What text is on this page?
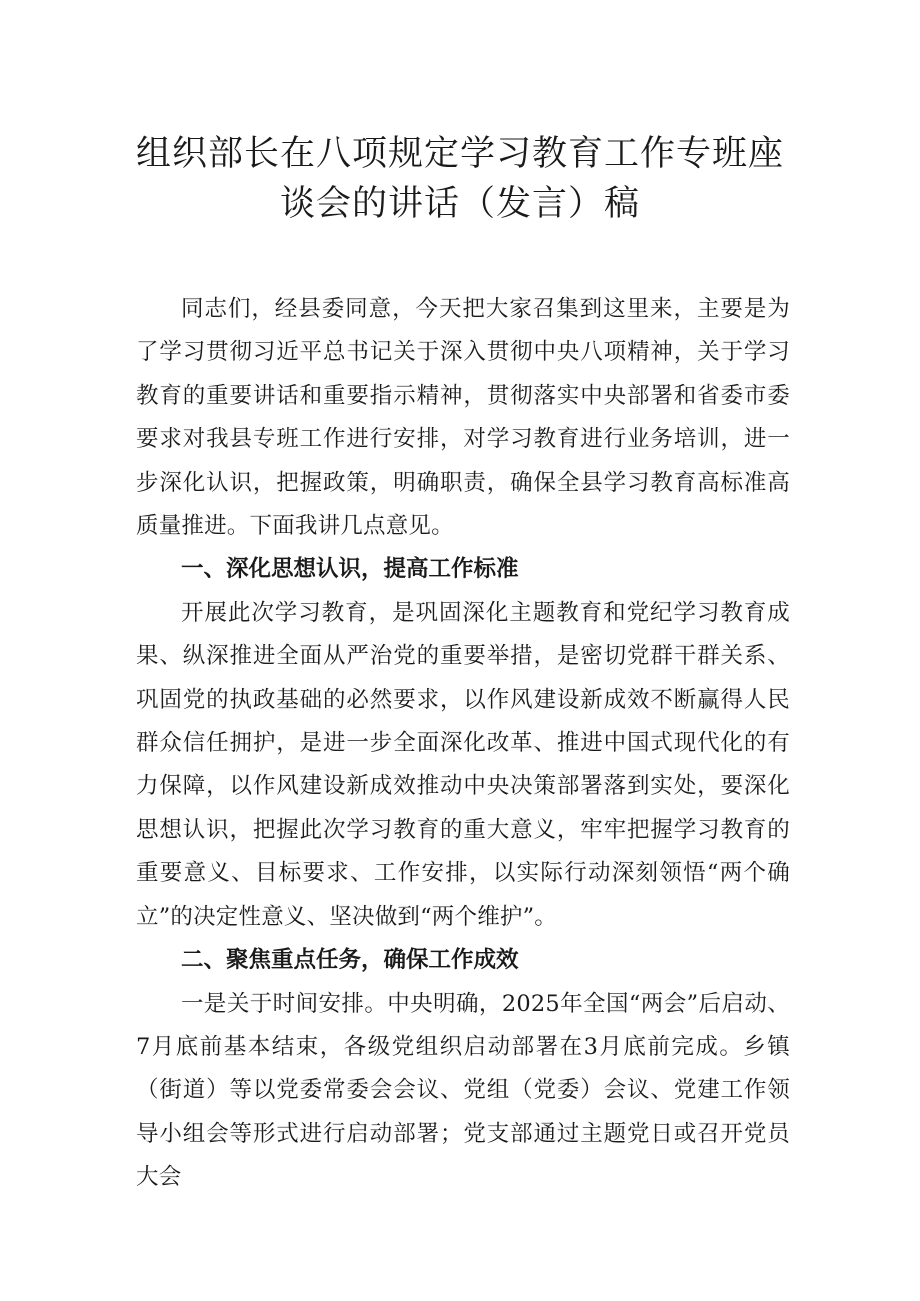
组织部长在八项规定学习教育工作专班座
谈会的讲话（发言）稿

同志们，经县委同意，今天把大家召集到这里来，主要是为了学习贯彻习近平总书记关于深入贯彻中央八项精神，关于学习教育的重要讲话和重要指示精神，贯彻落实中央部署和省委市委要求对我县专班工作进行安排，对学习教育进行业务培训，进一步深化认识，把握政策，明确职责，确保全县学习教育高标准高质量推进。下面我讲几点意见。

一、深化思想认识，提高工作标准

开展此次学习教育，是巩固深化主题教育和党纪学习教育成果、纵深推进全面从严治党的重要举措，是密切党群干群关系、巩固党的执政基础的必然要求，以作风建设新成效不断赢得人民群众信任拥护，是进一步全面深化改革、推进中国式现代化的有力保障，以作风建设新成效推动中央决策部署落到实处，要深化思想认识，把握此次学习教育的重大意义，牢牢把握学习教育的重要意义、目标要求、工作安排，以实际行动深刻领悟“两个确立”的决定性意义、坚决做到“两个维护”。

二、聚焦重点任务，确保工作成效

一是关于时间安排。中央明确，2025年全国“两会”后启动、7月底前基本结束，各级党组织启动部署在3月底前完成。乡镇（街道）等以党委常委会会议、党组（党委）会议、党建工作领导小组会等形式进行启动部署；党支部通过主题党日或召开党员大会
